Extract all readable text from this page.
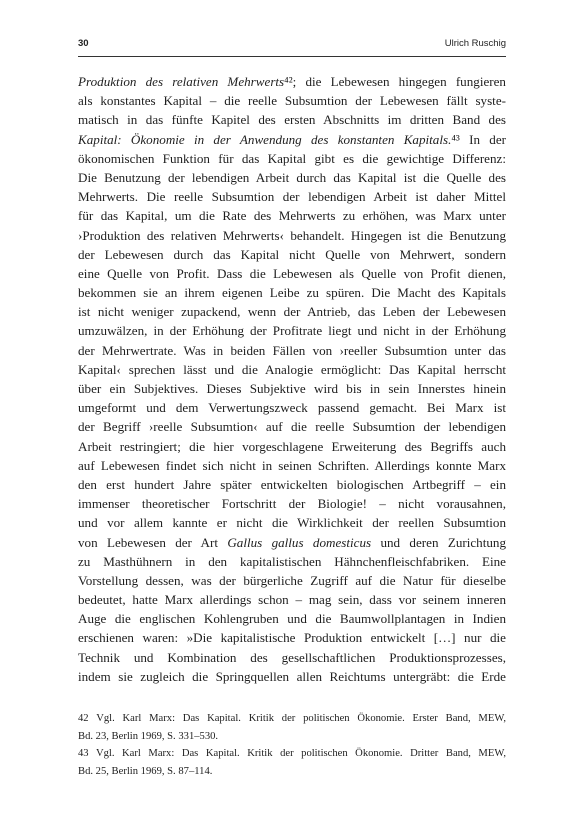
30	Ulrich Ruschig
Produktion des relativen Mehrwerts⁴²; die Lebewesen hingegen fungieren
als konstantes Kapital – die reelle Subsumtion der Lebewesen fällt syste-
matisch in das fünfte Kapitel des ersten Abschnitts im dritten Band des
Kapital: Ökonomie in der Anwendung des konstanten Kapitals.⁴³ In der
ökonomischen Funktion für das Kapital gibt es die gewichtige Differenz:
Die Benutzung der lebendigen Arbeit durch das Kapital ist die Quelle des
Mehrwerts. Die reelle Subsumtion der lebendigen Arbeit ist daher Mittel
für das Kapital, um die Rate des Mehrwerts zu erhöhen, was Marx unter
›Produktion des relativen Mehrwerts‹ behandelt. Hingegen ist die Benutzung
der Lebewesen durch das Kapital nicht Quelle von Mehrwert, sondern
eine Quelle von Profit. Dass die Lebewesen als Quelle von Profit dienen,
bekommen sie an ihrem eigenen Leibe zu spüren. Die Macht des Kapitals
ist nicht weniger zupackend, wenn der Antrieb, das Leben der Lebewesen
umzuwälzen, in der Erhöhung der Profitrate liegt und nicht in der Erhöhung
der Mehrwertrate. Was in beiden Fällen von ›reeller Subsumtion unter das
Kapital‹ sprechen lässt und die Analogie ermöglicht: Das Kapital herrscht
über ein Subjektives. Dieses Subjektive wird bis in sein Innerstes hinein
umgeformt und dem Verwertungszweck passend gemacht. Bei Marx ist
der Begriff ›reelle Subsumtion‹ auf die reelle Subsumtion der lebendigen
Arbeit restringiert; die hier vorgeschlagene Erweiterung des Begriffs auch
auf Lebewesen findet sich nicht in seinen Schriften. Allerdings konnte Marx
den erst hundert Jahre später entwickelten biologischen Artbegriff – ein
immenser theoretischer Fortschritt der Biologie! – nicht vorausahnen,
und vor allem kannte er nicht die Wirklichkeit der reellen Subsumtion
von Lebewesen der Art Gallus gallus domesticus und deren Zurichtung
zu Masthühnern in den kapitalistischen Hähnchenfleischfabriken. Eine
Vorstellung dessen, was der bürgerliche Zugriff auf die Natur für dieselbe
bedeutet, hatte Marx allerdings schon – mag sein, dass vor seinem inneren
Auge die englischen Kohlengruben und die Baumwollplantagen in Indien
erschienen waren: »Die kapitalistische Produktion entwickelt […] nur die
Technik und Kombination des gesellschaftlichen Produktionsprozesses,
indem sie zugleich die Springquellen allen Reichtums untergräbt: die Erde
42 Vgl. Karl Marx: Das Kapital. Kritik der politischen Ökonomie. Erster Band, MEW,
Bd. 23, Berlin 1969, S. 331–530.
43 Vgl. Karl Marx: Das Kapital. Kritik der politischen Ökonomie. Dritter Band, MEW,
Bd. 25, Berlin 1969, S. 87–114.
